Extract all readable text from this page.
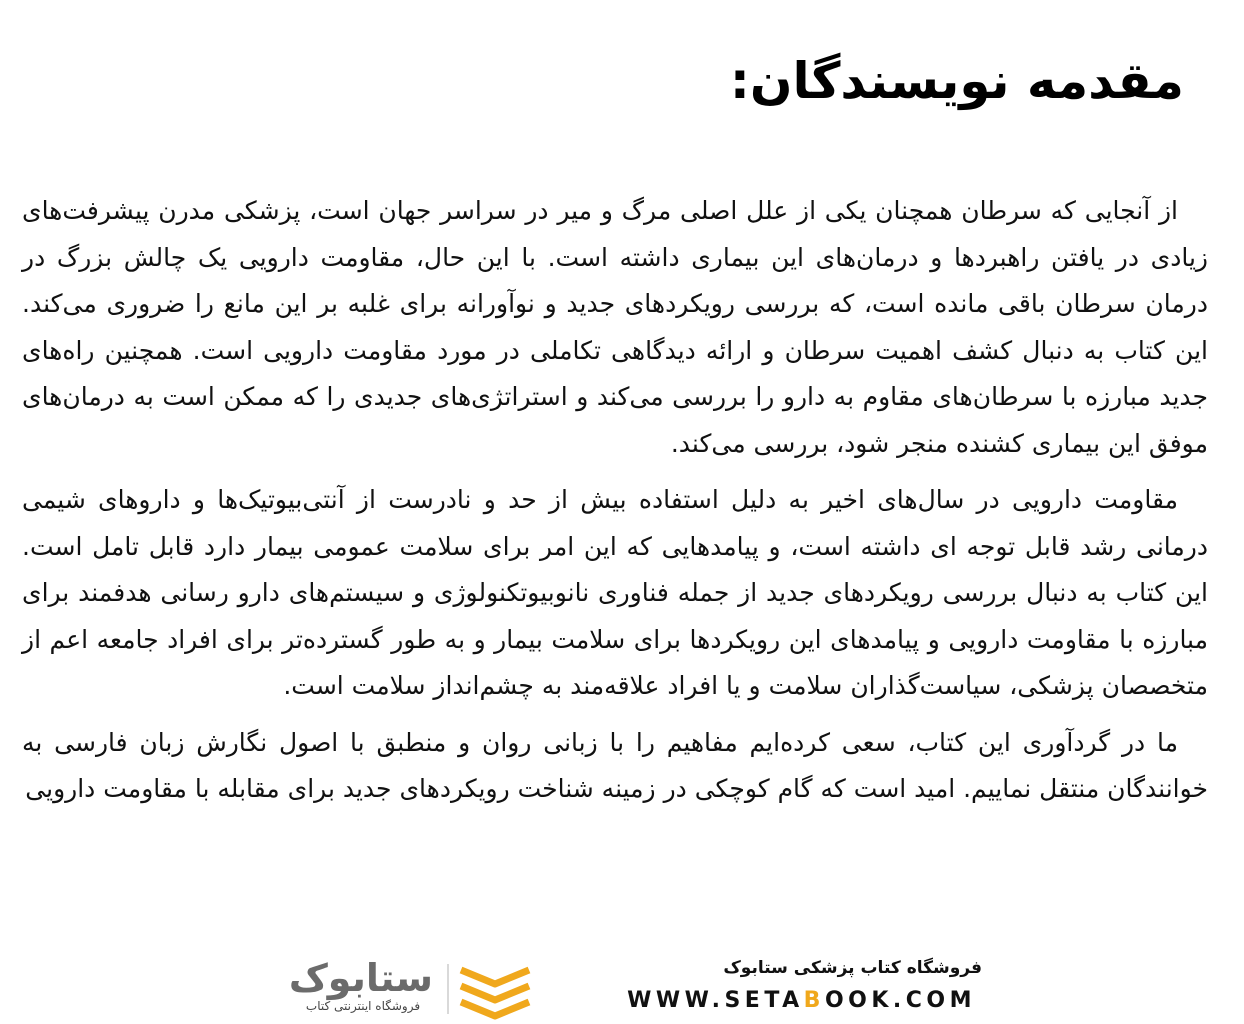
مقدمه نویسندگان:

از آنجایی که سرطان همچنان یکی از علل اصلی مرگ و میر در سراسر جهان است، پزشکی مدرن پیشرفت‌های زیادی در یافتن راهبردها و درمان‌های این بیماری داشته است. با این حال، مقاومت دارویی یک چالش بزرگ در درمان سرطان باقی مانده است، که بررسی رویکردهای جدید و نوآورانه برای غلبه بر این مانع را ضروری می‌کند. این کتاب به دنبال کشف اهمیت سرطان و ارائه دیدگاهی تکاملی در مورد مقاومت دارویی است. همچنین راه‌های جدید مبارزه با سرطان‌های مقاوم به دارو را بررسی می‌کند و استراتژی‌های جدیدی را که ممکن است به درمان‌های موفق این بیماری کشنده منجر شود، بررسی می‌کند.

مقاومت دارویی در سال‌های اخیر به دلیل استفاده بیش از حد و نادرست از آنتی‌بیوتیک‌ها و داروهای شیمی درمانی رشد قابل توجه ای داشته است، و پیامدهایی که این امر برای سلامت عمومی بیمار دارد قابل تامل است. این کتاب به دنبال بررسی رویکردهای جدید از جمله فناوری نانوبیوتکنولوژی و سیستم‌های دارو رسانی هدفمند برای مبارزه با مقاومت دارویی و پیامدهای این رویکردها برای سلامت بیمار و به طور گسترده‌تر برای افراد جامعه اعم از متخصصان پزشکی، سیاست‌گذاران سلامت و یا افراد علاقه‌مند به چشم‌انداز سلامت است.

ما در گردآوری این کتاب، سعی کرده‌ایم مفاهیم را با زبانی روان و منطبق با اصول نگارش زبان فارسی به خوانندگان منتقل نماییم. امید است که گام کوچکی در زمینه شناخت رویکردهای جدید برای مقابله با مقاومت دارویی

فروشگاه کتاب پزشکی ستابوک
WWW.SETABOOK.COM
ستابوک
فروشگاه اینترنتی کتاب
